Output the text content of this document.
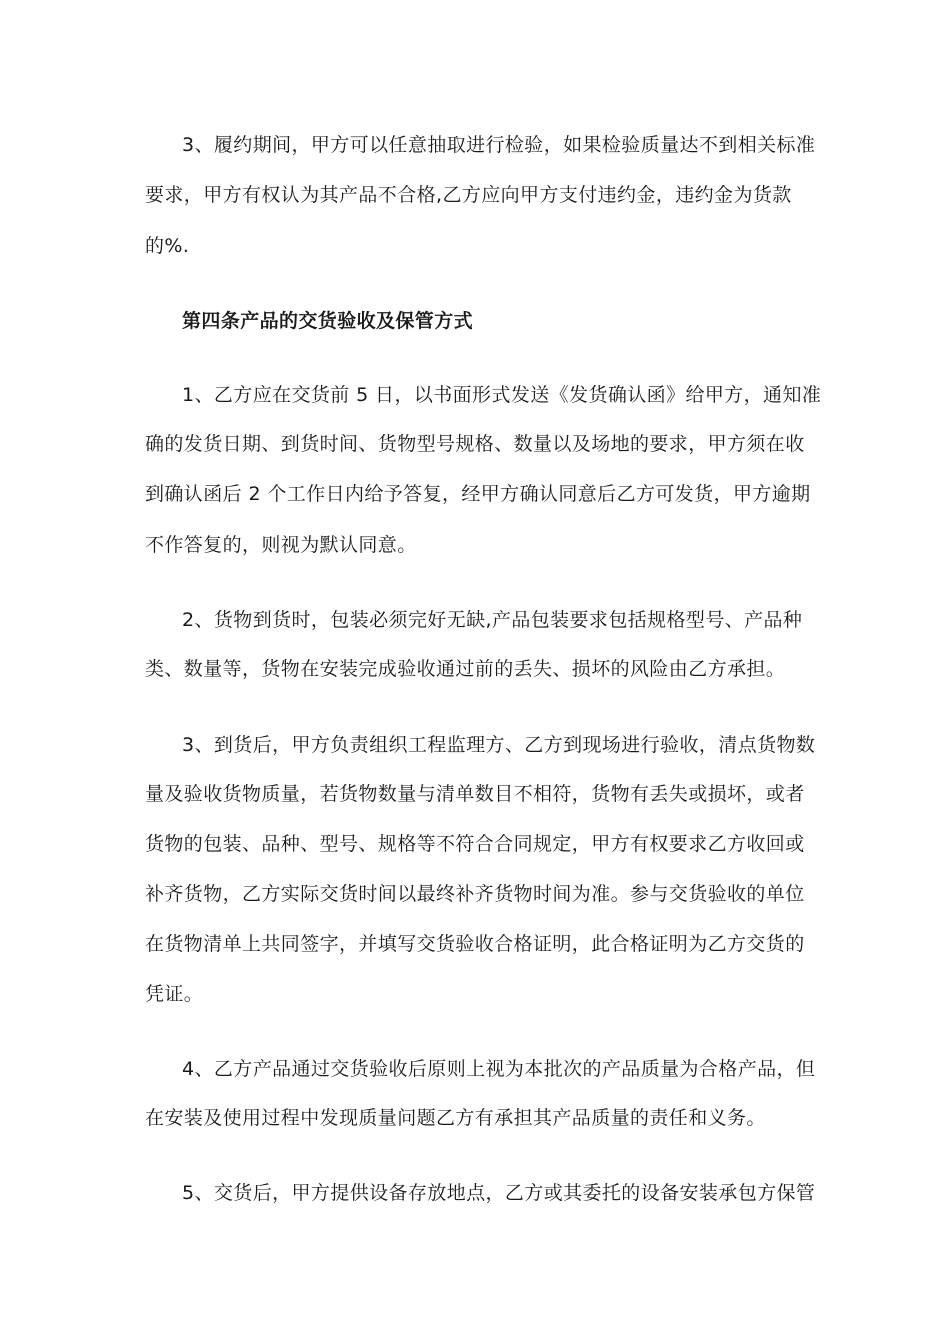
3、履约期间，甲方可以任意抽取进行检验，如果检验质量达不到相关标准
要求，甲方有权认为其产品不合格,乙方应向甲方支付违约金，违约金为货款
的%.
第四条产品的交货验收及保管方式
1、乙方应在交货前 5 日，以书面形式发送《发货确认函》给甲方，通知准
确的发货日期、到货时间、货物型号规格、数量以及场地的要求，甲方须在收
到确认函后 2 个工作日内给予答复，经甲方确认同意后乙方可发货，甲方逾期
不作答复的，则视为默认同意。
2、货物到货时，包装必须完好无缺,产品包装要求包括规格型号、产品种
类、数量等，货物在安装完成验收通过前的丢失、损坏的风险由乙方承担。
3、到货后，甲方负责组织工程监理方、乙方到现场进行验收，清点货物数
量及验收货物质量，若货物数量与清单数目不相符，货物有丢失或损坏，或者
货物的包装、品种、型号、规格等不符合合同规定，甲方有权要求乙方收回或
补齐货物，乙方实际交货时间以最终补齐货物时间为准。参与交货验收的单位
在货物清单上共同签字，并填写交货验收合格证明，此合格证明为乙方交货的
凭证。
4、乙方产品通过交货验收后原则上视为本批次的产品质量为合格产品，但
在安装及使用过程中发现质量问题乙方有承担其产品质量的责任和义务。
5、交货后，甲方提供设备存放地点，乙方或其委托的设备安装承包方保管
